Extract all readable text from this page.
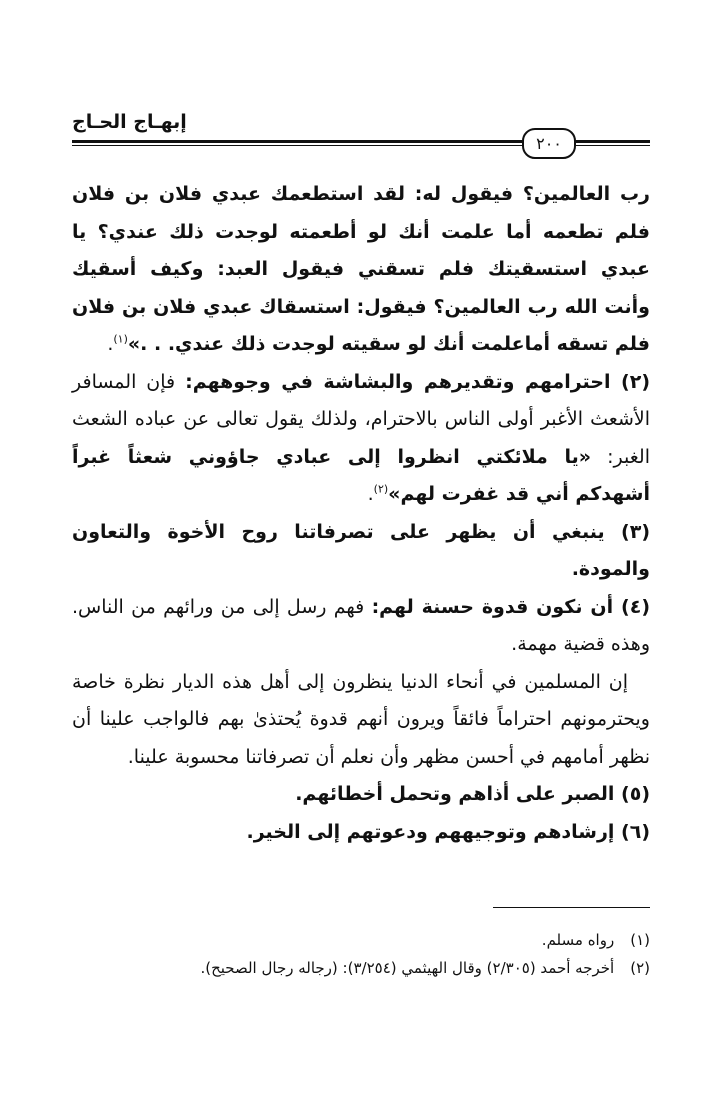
إبهـاج الحـاج
٢٠٠

رب العالمين؟ فيقول له: لقد استطعمك عبدي فلان بن فلان فلم تطعمه أما علمت أنك لو أطعمته لوجدت ذلك عندي؟ يا عبدي استسقيتك فلم تسقني فيقول العبد: وكيف أسقيك وأنت الله رب العالمين؟ فيقول: استسقاك عبدي فلان بن فلان فلم تسقه أماعلمت أنك لو سقيته لوجدت ذلك عندي. . .»$^{(١)}$.

(٢) احترامهم وتقديرهم والبشاشة في وجوههم: فإن المسافر الأشعث الأغبر أولى الناس بالاحترام، ولذلك يقول تعالى عن عباده الشعث الغبر: «يا ملائكتي انظروا إلى عبادي جاؤوني شعثاً غبراً أشهدكم أني قد غفرت لهم»$^{(٢)}$.

(٣) ينبغي أن يظهر على تصرفاتنا روح الأخوة والتعاون والمودة.

(٤) أن نكون قدوة حسنة لهم: فهم رسل إلى من ورائهم من الناس. وهذه قضية مهمة.

إن المسلمين في أنحاء الدنيا ينظرون إلى أهل هذه الديار نظرة خاصة ويحترمونهم احتراماً فائقاً ويرون أنهم قدوة يُحتذىٰ بهم فالواجب علينا أن نظهر أمامهم في أحسن مظهر وأن نعلم أن تصرفاتنا محسوبة علينا.

(٥) الصبر على أذاهم وتحمل أخطائهم.

(٦) إرشادهم وتوجيههم ودعوتهم إلى الخير.

(١)رواه مسلم.

(٢)أخرجه أحمد (٢/٣٠٥) وقال الهيثمي (٣/٢٥٤): (رجاله رجال الصحيح).
